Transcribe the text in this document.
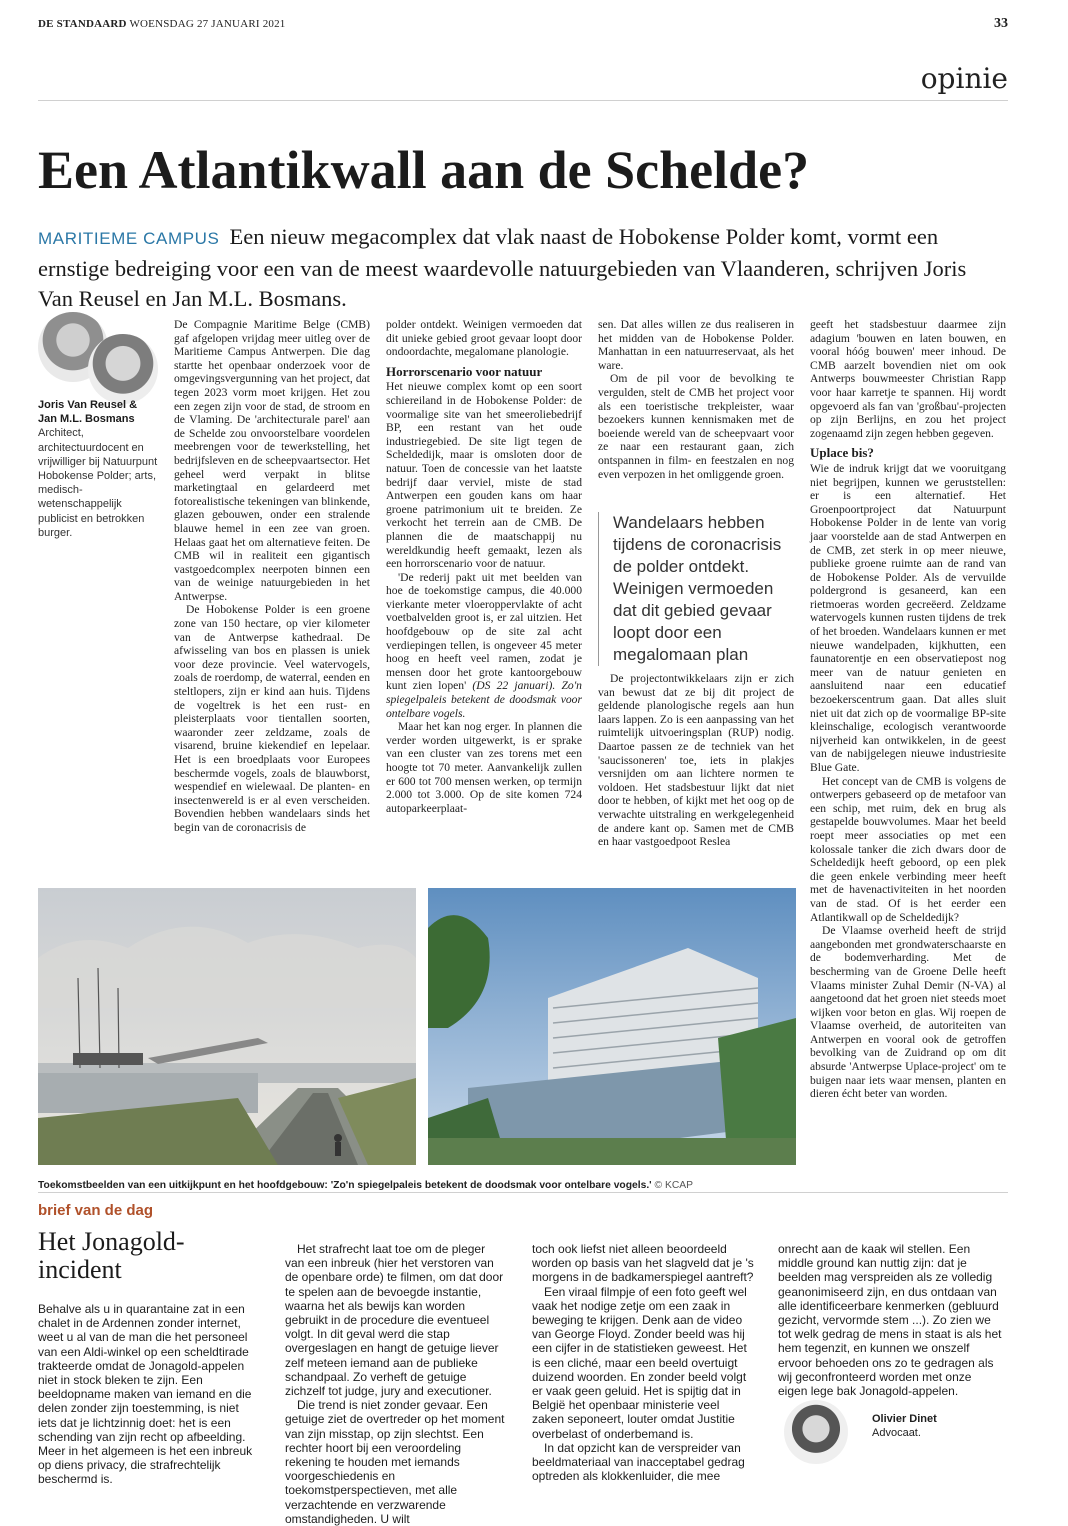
DE STANDAARD WOENSDAG 27 JANUARI 2021	33
opinie
Een Atlantikwall aan de Schelde?
MARITIEME CAMPUS Een nieuw megacomplex dat vlak naast de Hobokense Polder komt, vormt een ernstige bedreiging voor een van de meest waardevolle natuurgebieden van Vlaanderen, schrijven Joris Van Reusel en Jan M.L. Bosmans.
Joris Van Reusel & Jan M.L. Bosmans
Architect, architectuurdocent en vrijwilliger bij Natuurpunt Hobokense Polder; arts, medisch-wetenschappelijk publicist en betrokken burger.

De Compagnie Maritime Belge (CMB) gaf afgelopen vrijdag meer uitleg over de Maritieme Campus Antwerpen. Die dag startte het openbaar onderzoek voor de omgevingsvergunning van het project, dat tegen 2023 vorm moet krijgen. Het zou een zegen zijn voor de stad, de stroom en de Vlaming. De 'architecturale parel' aan de Schelde zou onvoorstelbare voordelen meebrengen voor de tewerkstelling, het bedrijfsleven en de scheepvaartsector. Het geheel werd verpakt in blitse marketingtaal en gelardeerd met fotorealistische tekeningen van blinkende, glazen gebouwen, onder een stralende blauwe hemel in een zee van groen. Helaas gaat het om alternatieve feiten. De CMB wil in realiteit een gigantisch vastgoedcomplex neerpoten binnen een van de weinige natuurgebieden in het Antwerpse.

De Hobokense Polder is een groene zone van 150 hectare, op vier kilometer van de Antwerpse kathedraal. De afwisseling van bos en plassen is uniek voor deze provincie. Veel watervogels, zoals de roerdomp, de waterral, eenden en steltlopers, zijn er kind aan huis. Tijdens de vogeltrek is het een rust- en pleisterplaats voor tientallen soorten, waaronder zeer zeldzame, zoals de visarend, bruine kiekendief en lepelaar. Het is een broedplaats voor Europees beschermde vogels, zoals de blauwborst, wespendief en wielewaal. De planten- en insectenwereld is er al even verscheiden. Bovendien hebben wandelaars sinds het begin van de coronacrisis de

polder ontdekt. Weinigen vermoeden dat dit unieke gebied groot gevaar loopt door ondoordachte, megalomane planologie.

Horrorscenario voor natuur

Het nieuwe complex komt op een soort schiereiland in de Hobokense Polder: de voormalige site van het smeeroliebedrijf BP, een restant van het oude industriegebied. De site ligt tegen de Scheldedijk, maar is omsloten door de natuur. Toen de concessie van het laatste bedrijf daar verviel, miste de stad Antwerpen een gouden kans om haar groene patrimonium uit te breiden. Ze verkocht het terrein aan de CMB. De plannen die de maatschappij nu wereldkundig heeft gemaakt, lezen als een horrorscenario voor de natuur.

'De rederij pakt uit met beelden van hoe de toekomstige campus, die 40.000 vierkante meter vloeroppervlakte of acht voetbalvelden groot is, er zal uitzien. Het hoofdgebouw op de site zal acht verdiepingen tellen, is ongeveer 45 meter hoog en heeft veel ramen, zodat je mensen door het grote kantoorgebouw kunt zien lopen' (DS 22 januari). Zo'n spiegelpaleis betekent de doodsmak voor ontelbare vogels.

Maar het kan nog erger. In plannen die verder worden uitgewerkt, is er sprake van een cluster van zes torens met een hoogte tot 70 meter. Aanvankelijk zullen er 600 tot 700 mensen werken, op termijn 2.000 tot 3.000. Op de site komen 724 autoparkeerplaat-

sen. Dat alles willen ze dus realiseren in het midden van de Hobokense Polder. Manhattan in een natuurreservaat, als het ware.

Om de pil voor de bevolking te vergulden, stelt de CMB het project voor als een toeristische trekpleister, waar bezoekers kunnen kennismaken met de boeiende wereld van de scheepvaart voor ze naar een restaurant gaan, zich ontspannen in film- en feestzalen en nog even verpozen in het omliggende groen.

Wandelaars hebben tijdens de coronacrisis de polder ontdekt. Weinigen vermoeden dat dit gebied gevaar loopt door een megalomaan plan

De projectontwikkelaars zijn er zich van bewust dat ze bij dit project de geldende planologische regels aan hun laars lappen. Zo is een aanpassing van het ruimtelijk uitvoeringsplan (RUP) nodig. Daartoe passen ze de techniek van het 'saucissoneren' toe, iets in plakjes versnijden om aan lichtere normen te voldoen. Het stadsbestuur lijkt dat niet door te hebben, of kijkt met het oog op de verwachte uitstraling en werkgelegenheid de andere kant op. Samen met de CMB en haar vastgoedpoot Reslea

geeft het stadsbestuur daarmee zijn adagium 'bouwen en laten bouwen, en vooral hóóg bouwen' meer inhoud. De CMB aarzelt bovendien niet om ook Antwerps bouwmeester Christian Rapp voor haar karretje te spannen. Hij wordt opgevoerd als fan van 'großbau'-projecten op zijn Berlijns, en zou het project zogenaamd zijn zegen hebben gegeven.

Uplace bis?

Wie de indruk krijgt dat we vooruitgang niet begrijpen, kunnen we geruststellen: er is een alternatief. Het Groenpoortproject dat Natuurpunt Hobokense Polder in de lente van vorig jaar voorstelde aan de stad Antwerpen en de CMB, zet sterk in op meer nieuwe, publieke groene ruimte aan de rand van de Hobokense Polder. Als de vervuilde poldergrond is gesaneerd, kan een rietmoeras worden gecreëerd. Zeldzame watervogels kunnen rusten tijdens de trek of het broeden. Wandelaars kunnen er met nieuwe wandelpaden, kijkhutten, een faunatorentje en een observatiepost nog meer van de natuur genieten en aansluitend naar een educatief bezoekerscentrum gaan. Dat alles sluit niet uit dat zich op de voormalige BP-site kleinschalige, ecologisch verantwoorde nijverheid kan ontwikkelen, in de geest van de nabijgelegen nieuwe industriesite Blue Gate.

Het concept van de CMB is volgens de ontwerpers gebaseerd op de metafoor van een schip, met ruim, dek en brug als gestapelde bouwvolumes. Maar het beeld roept meer associaties op met een kolossale tanker die zich dwars door de Scheldedijk heeft geboord, op een plek die geen enkele verbinding meer heeft met de havenactiviteiten in het noorden van de stad. Of is het eerder een Atlantikwall op de Scheldedijk?

De Vlaamse overheid heeft de strijd aangebonden met grondwaterschaarste en de bodemverharding. Met de bescherming van de Groene Delle heeft Vlaams minister Zuhal Demir (N-VA) al aangetoond dat het groen niet steeds moet wijken voor beton en glas. Wij roepen de Vlaamse overheid, de autoriteiten van Antwerpen en vooral ook de getroffen bevolking van de Zuidrand op om dit absurde 'Antwerpse Uplace-project' om te buigen naar iets waar mensen, planten en dieren écht beter van worden.

Toekomstbeelden van een uitkijkpunt en het hoofdgebouw: 'Zo'n spiegelpaleis betekent de doodsmak voor ontelbare vogels.' © KCAP
brief van de dag
Het Jonagold-incident

Behalve als u in quarantaine zat in een chalet in de Ardennen zonder internet, weet u al van de man die het personeel van een Aldi-winkel op een scheldtirade trakteerde omdat de Jonagold-appelen niet in stock bleken te zijn. Een beeldopname maken van iemand en die delen zonder zijn toestemming, is niet iets dat je lichtzinnig doet: het is een schending van zijn recht op afbeelding. Meer in het algemeen is het een inbreuk op diens privacy, die strafrechtelijk beschermd is.

Het strafrecht laat toe om de pleger van een inbreuk (hier het verstoren van de openbare orde) te filmen, om dat door te spelen aan de bevoegde instantie, waarna het als bewijs kan worden gebruikt in de procedure die eventueel volgt. In dit geval werd die stap overgeslagen en hangt de getuige liever zelf meteen iemand aan de publieke schandpaal. Zo verheft de getuige zichzelf tot judge, jury and executioner.

Die trend is niet zonder gevaar. Een getuige ziet de overtreder op het moment van zijn misstap, op zijn slechtst. Een rechter hoort bij een veroordeling rekening te houden met iemands voorgeschiedenis en toekomstperspectieven, met alle verzachtende en verzwarende omstandigheden. U wilt

toch ook liefst niet alleen beoordeeld worden op basis van het slagveld dat je 's morgens in de badkamerspiegel aantreft?

Een viraal filmpje of een foto geeft wel vaak het nodige zetje om een zaak in beweging te krijgen. Denk aan de video van George Floyd. Zonder beeld was hij een cijfer in de statistieken geweest. Het is een cliché, maar een beeld overtuigt duizend woorden. En zonder beeld volgt er vaak geen geluid. Het is spijtig dat in België het openbaar ministerie veel zaken seponeert, louter omdat Justitie overbelast of onderbemand is.

In dat opzicht kan de verspreider van beeldmateriaal van inacceptabel gedrag optreden als klokkenluider, die mee

onrecht aan de kaak wil stellen. Een middle ground kan nuttig zijn: dat je beelden mag verspreiden als ze volledig geanonimiseerd zijn, en dus ontdaan van alle identificeerbare kenmerken (gebluurd gezicht, vervormde stem ...). Zo zien we tot welk gedrag de mens in staat is als het hem tegenzit, en kunnen we onszelf ervoor behoeden ons zo te gedragen als wij geconfronteerd worden met onze eigen lege bak Jonagold-appelen.

Olivier Dinet
Advocaat.
